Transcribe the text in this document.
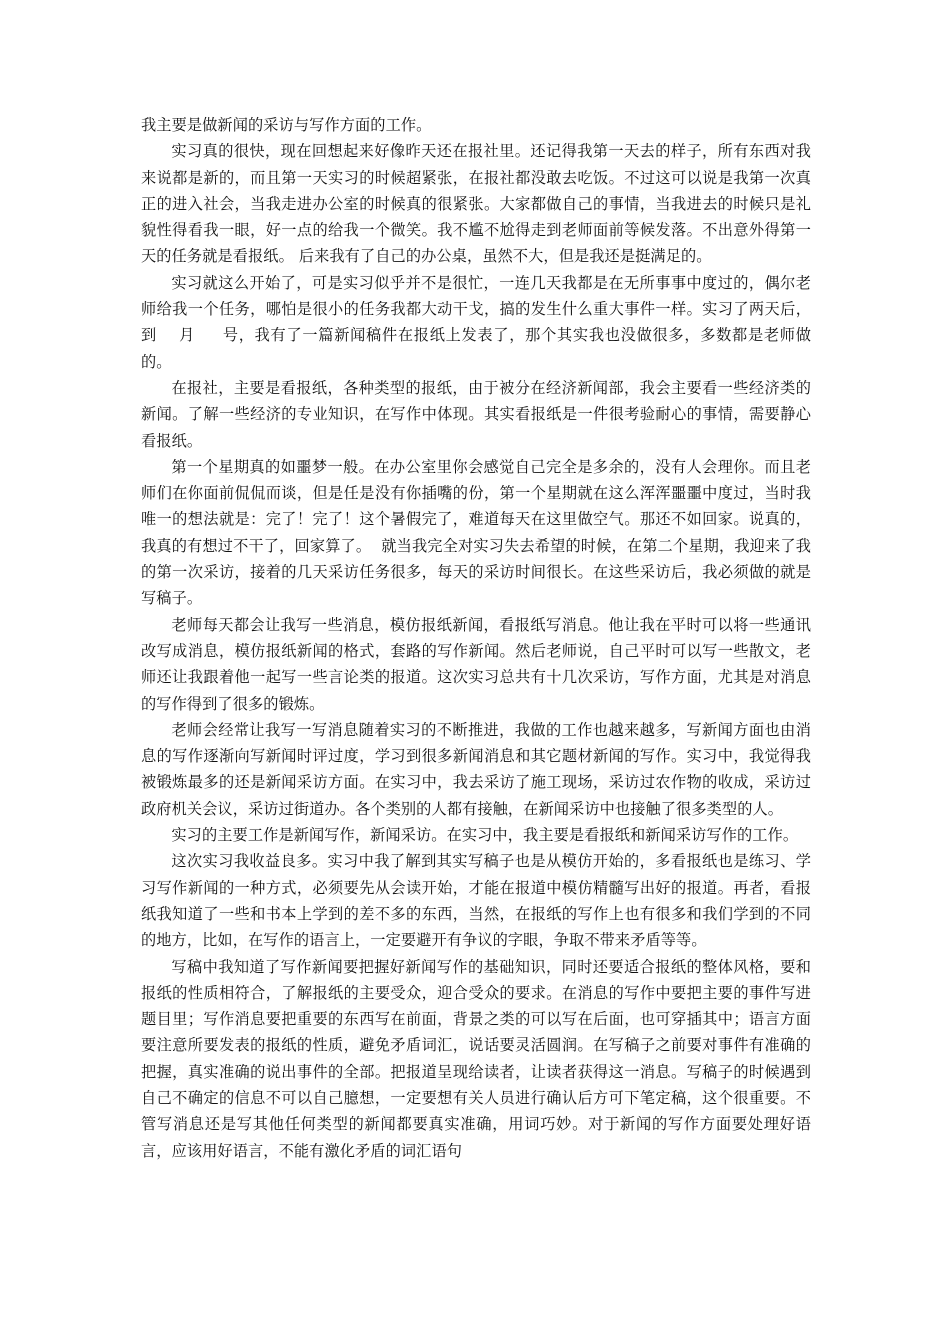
我主要是做新闻的采访与写作方面的工作。

实习真的很快，现在回想起来好像昨天还在报社里。还记得我第一天去的样子，所有东西对我来说都是新的，而且第一天实习的时候超紧张，在报社都没敢去吃饭。不过这可以说是我第一次真正的进入社会，当我走进办公室的时候真的很紧张。大家都做自己的事情，当我进去的时候只是礼貌性得看我一眼，好一点的给我一个微笑。我不尴不尬得走到老师面前等候发落。不出意外得第一天的任务就是看报纸。 后来我有了自己的办公桌，虽然不大，但是我还是挺满足的。

实习就这么开始了，可是实习似乎并不是很忙，一连几天我都是在无所事事中度过的，偶尔老师给我一个任务，哪怕是很小的任务我都大动干戈，搞的发生什么重大事件一样。实习了两天后，到    月     号，我有了一篇新闻稿件在报纸上发表了，那个其实我也没做很多，多数都是老师做的。

在报社，主要是看报纸，各种类型的报纸，由于被分在经济新闻部，我会主要看一些经济类的新闻。了解一些经济的专业知识，在写作中体现。其实看报纸是一件很考验耐心的事情，需要静心看报纸。

第一个星期真的如噩梦一般。在办公室里你会感觉自己完全是多余的，没有人会理你。而且老师们在你面前侃侃而谈，但是任是没有你插嘴的份，第一个星期就在这么浑浑噩噩中度过，当时我唯一的想法就是：完了！完了！这个暑假完了，难道每天在这里做空气。那还不如回家。说真的，我真的有想过不干了，回家算了。  就当我完全对实习失去希望的时候，在第二个星期，我迎来了我的第一次采访，接着的几天采访任务很多，每天的采访时间很长。在这些采访后，我必须做的就是写稿子。

老师每天都会让我写一些消息，模仿报纸新闻，看报纸写消息。他让我在平时可以将一些通讯改写成消息，模仿报纸新闻的格式，套路的写作新闻。然后老师说，自己平时可以写一些散文，老师还让我跟着他一起写一些言论类的报道。这次实习总共有十几次采访，写作方面，尤其是对消息的写作得到了很多的锻炼。

老师会经常让我写一写消息随着实习的不断推进，我做的工作也越来越多，写新闻方面也由消息的写作逐渐向写新闻时评过度，学习到很多新闻消息和其它题材新闻的写作。实习中，我觉得我被锻炼最多的还是新闻采访方面。在实习中，我去采访了施工现场，采访过农作物的收成，采访过政府机关会议，采访过街道办。各个类别的人都有接触，在新闻采访中也接触了很多类型的人。

实习的主要工作是新闻写作，新闻采访。在实习中，我主要是看报纸和新闻采访写作的工作。

这次实习我收益良多。实习中我了解到其实写稿子也是从模仿开始的，多看报纸也是练习、学习写作新闻的一种方式，必须要先从会读开始，才能在报道中模仿精髓写出好的报道。再者，看报纸我知道了一些和书本上学到的差不多的东西，当然，在报纸的写作上也有很多和我们学到的不同的地方，比如，在写作的语言上，一定要避开有争议的字眼，争取不带来矛盾等等。

写稿中我知道了写作新闻要把握好新闻写作的基础知识，同时还要适合报纸的整体风格，要和报纸的性质相符合，了解报纸的主要受众，迎合受众的要求。在消息的写作中要把主要的事件写进题目里；写作消息要把重要的东西写在前面，背景之类的可以写在后面，也可穿插其中；语言方面要注意所要发表的报纸的性质，避免矛盾词汇，说话要灵活圆润。在写稿子之前要对事件有准确的把握，真实准确的说出事件的全部。把报道呈现给读者，让读者获得这一消息。写稿子的时候遇到自己不确定的信息不可以自己臆想，一定要想有关人员进行确认后方可下笔定稿，这个很重要。不管写消息还是写其他任何类型的新闻都要真实准确，用词巧妙。对于新闻的写作方面要处理好语言，应该用好语言，不能有激化矛盾的词汇语句
